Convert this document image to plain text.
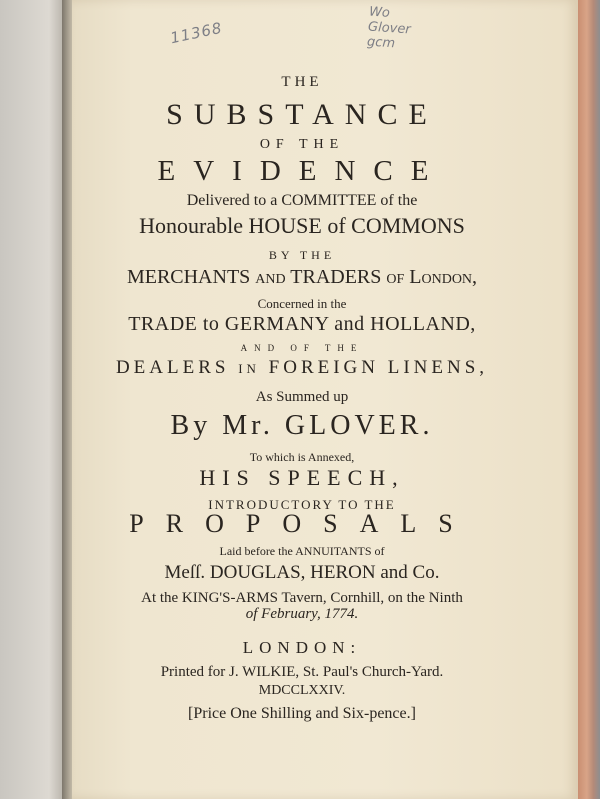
11368
Wo
Glover
gcm
THE
SUBSTANCE
OF THE
EVIDENCE
Delivered to a COMMITTEE of the
Honourable HOUSE of COMMONS
BY THE
MERCHANTS and TRADERS of London,
Concerned in the
TRADE to GERMANY and HOLLAND,
AND OF THE
DEALERS in FOREIGN LINENS,
As Summed up
By Mr. GLOVER.
To which is Annexed,
HIS SPEECH,
INTRODUCTORY TO THE
PROPOSALS
Laid before the ANNUITANTS of
Meſſ. DOUGLAS, HERON and Co.
At the KING'S-ARMS Tavern, Cornhill, on the Ninth
of February, 1774.
LONDON:
Printed for J. WILKIE, St. Paul's Church-Yard.
MDCCLXXIV.
[Price One Shilling and Six-pence.]
